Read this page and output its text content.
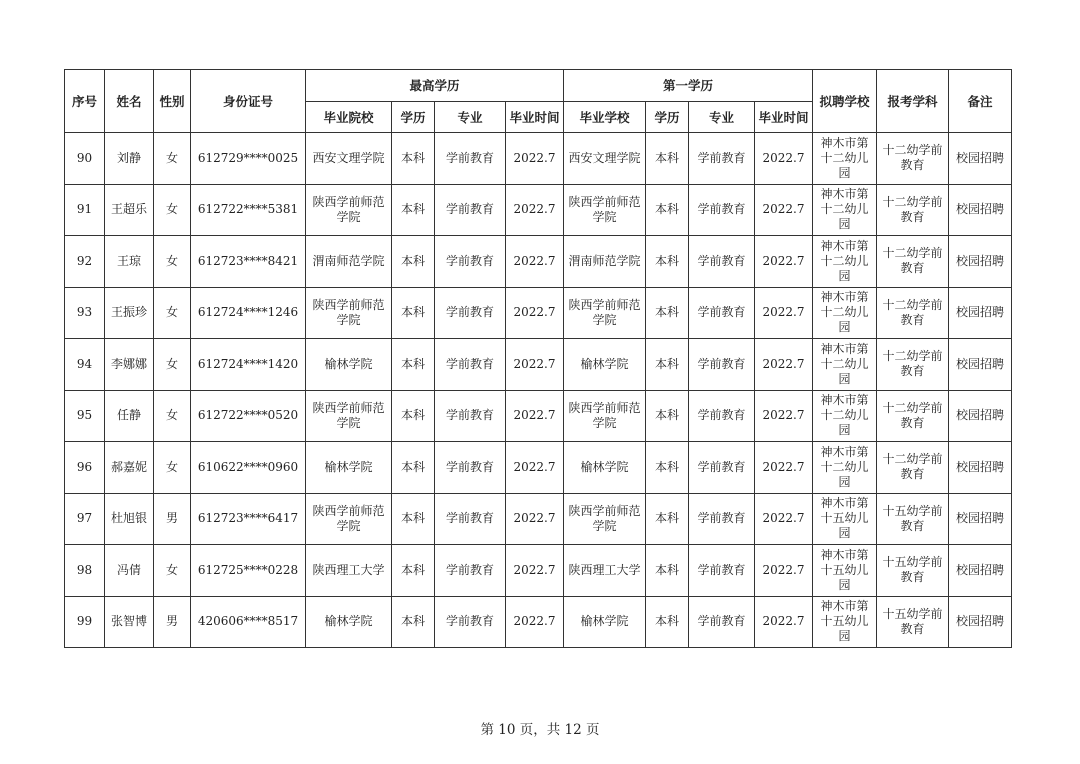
序号	姓名	性别	身份证号	最高学历				第一学历				拟聘学校	报考学科	备注
				毕业院校	学历	专业	毕业时间	毕业学校	学历	专业	毕业时间			
90	刘静	女	612729****0025	西安文理学院	本科	学前教育	2022.7	西安文理学院	本科	学前教育	2022.7	神木市第十二幼儿园	十二幼学前教育	校园招聘
91	王超乐	女	612722****5381	陕西学前师范学院	本科	学前教育	2022.7	陕西学前师范学院	本科	学前教育	2022.7	神木市第十二幼儿园	十二幼学前教育	校园招聘
92	王琼	女	612723****8421	渭南师范学院	本科	学前教育	2022.7	渭南师范学院	本科	学前教育	2022.7	神木市第十二幼儿园	十二幼学前教育	校园招聘
93	王振珍	女	612724****1246	陕西学前师范学院	本科	学前教育	2022.7	陕西学前师范学院	本科	学前教育	2022.7	神木市第十二幼儿园	十二幼学前教育	校园招聘
94	李娜娜	女	612724****1420	榆林学院	本科	学前教育	2022.7	榆林学院	本科	学前教育	2022.7	神木市第十二幼儿园	十二幼学前教育	校园招聘
95	任静	女	612722****0520	陕西学前师范学院	本科	学前教育	2022.7	陕西学前师范学院	本科	学前教育	2022.7	神木市第十二幼儿园	十二幼学前教育	校园招聘
96	郝嘉妮	女	610622****0960	榆林学院	本科	学前教育	2022.7	榆林学院	本科	学前教育	2022.7	神木市第十二幼儿园	十二幼学前教育	校园招聘
97	杜旭银	男	612723****6417	陕西学前师范学院	本科	学前教育	2022.7	陕西学前师范学院	本科	学前教育	2022.7	神木市第十五幼儿园	十五幼学前教育	校园招聘
98	冯倩	女	612725****0228	陕西理工大学	本科	学前教育	2022.7	陕西理工大学	本科	学前教育	2022.7	神木市第十五幼儿园	十五幼学前教育	校园招聘
99	张智博	男	420606****8517	榆林学院	本科	学前教育	2022.7	榆林学院	本科	学前教育	2022.7	神木市第十五幼儿园	十五幼学前教育	校园招聘
第 10 页，共 12 页
